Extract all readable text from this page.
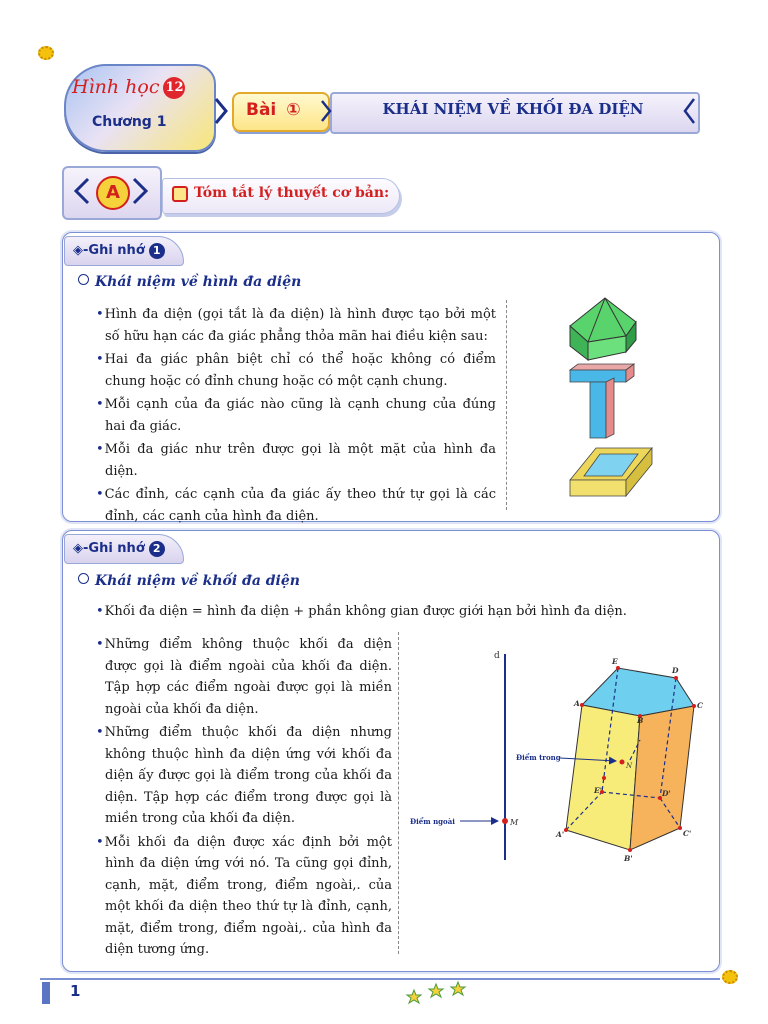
Hình học 12
Chương 1
Bài ①	KHÁI NIỆM VỀ KHỐI ĐA DIỆN
A	Tóm tắt lý thuyết cơ bản:
◈-Ghi nhớ 1
Khái niệm về hình đa diện

• Hình đa diện (gọi tắt là đa diện) là hình được tạo bởi một số hữu hạn các đa giác phẳng thỏa mãn hai điều kiện sau:

• Hai đa giác phân biệt chỉ có thể hoặc không có điểm chung hoặc có đỉnh chung hoặc có một cạnh chung.

• Mỗi cạnh của đa giác nào cũng là cạnh chung của đúng hai đa giác.

• Mỗi đa giác như trên được gọi là một mặt của hình đa diện.

• Các đỉnh, các cạnh của đa giác ấy theo thứ tự gọi là các đỉnh, các cạnh của hình đa diện.

◈-Ghi nhớ 2
Khái niệm về khối đa diện

• Khối đa diện = hình đa diện + phần không gian được giới hạn bởi hình đa diện.

• Những điểm không thuộc khối đa diện được gọi là điểm ngoài của khối đa diện. Tập hợp các điểm ngoài được gọi là miền ngoài của khối đa diện.

• Những điểm thuộc khối đa diện nhưng không thuộc hình đa diện ứng với khối đa diện ấy được gọi là điểm trong của khối đa diện. Tập hợp các điểm trong được gọi là miền trong của khối đa diện.

• Mỗi khối đa diện được xác định bởi một hình đa diện ứng với nó. Ta cũng gọi đỉnh, cạnh, mặt, điểm trong, điểm ngoài,. của một khối đa diện theo thứ tự là đỉnh, cạnh, mặt, điểm trong, điểm ngoài,. của hình đa diện tương ứng.

d
M
Điểm ngoài
Điểm trong
N
A
E
D
C
B
A'
B'
C'
E'	D'
1
